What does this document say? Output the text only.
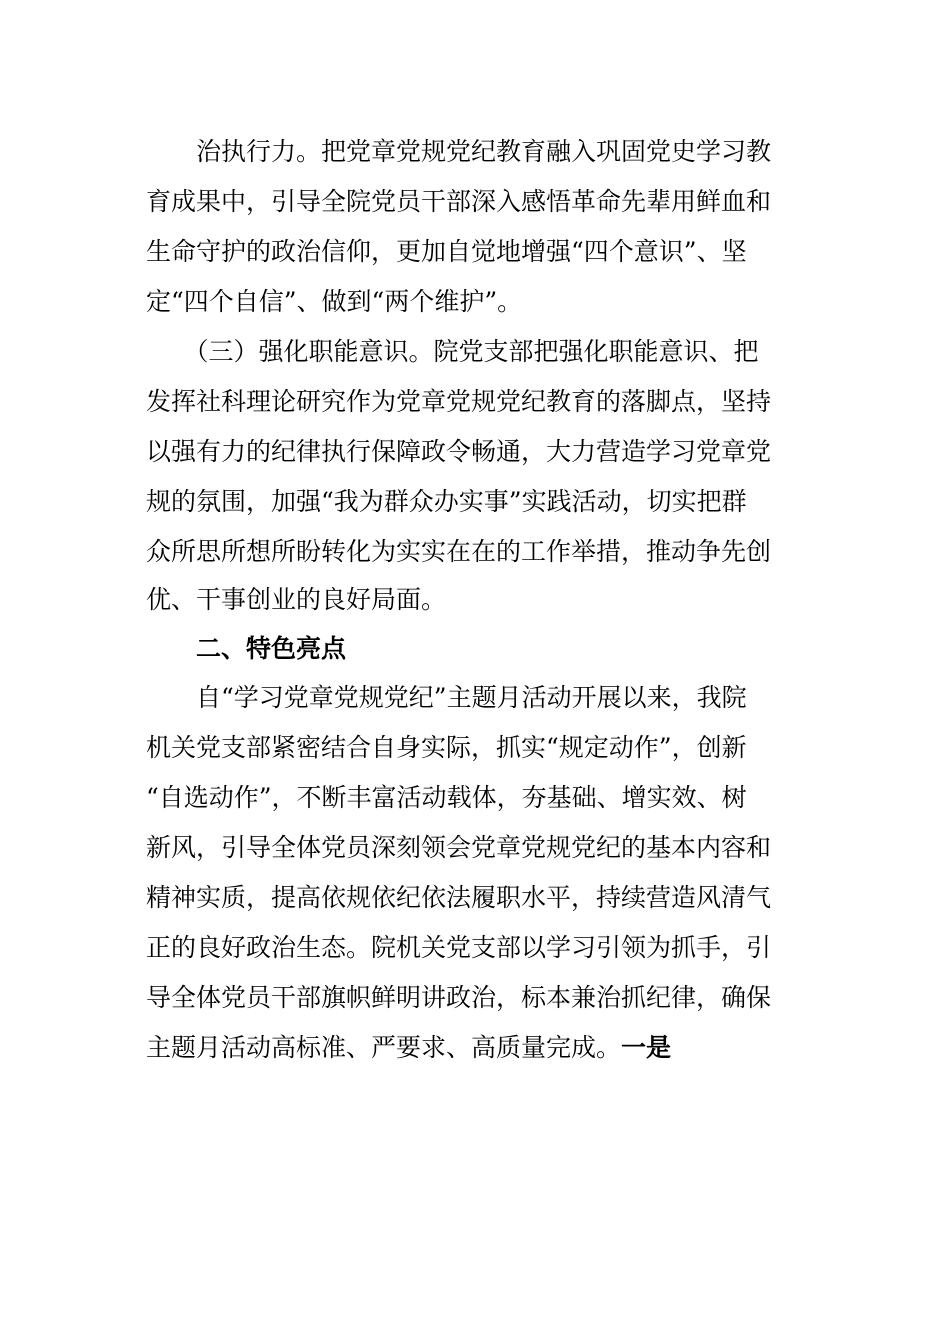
　　治执行力。把党章党规党纪教育融入巩固党史学习教
育成果中，引导全院党员干部深入感悟革命先辈用鲜血和
生命守护的政治信仰，更加自觉地增强“四个意识”、坚
定“四个自信”、做到“两个维护”。
　　（三）强化职能意识。院党支部把强化职能意识、把
发挥社科理论研究作为党章党规党纪教育的落脚点，坚持
以强有力的纪律执行保障政令畅通，大力营造学习党章党
规的氛围，加强“我为群众办实事”实践活动，切实把群
众所思所想所盼转化为实实在在的工作举措，推动争先创
优、干事创业的良好局面。
　　二、特色亮点
　　自“学习党章党规党纪”主题月活动开展以来，我院
机关党支部紧密结合自身实际，抓实“规定动作”，创新
“自选动作”，不断丰富活动载体，夯基础、增实效、树
新风，引导全体党员深刻领会党章党规党纪的基本内容和
精神实质，提高依规依纪依法履职水平，持续营造风清气
正的良好政治生态。院机关党支部以学习引领为抓手，引
导全体党员干部旗帜鲜明讲政治，标本兼治抓纪律，确保
主题月活动高标准、严要求、高质量完成。一是
